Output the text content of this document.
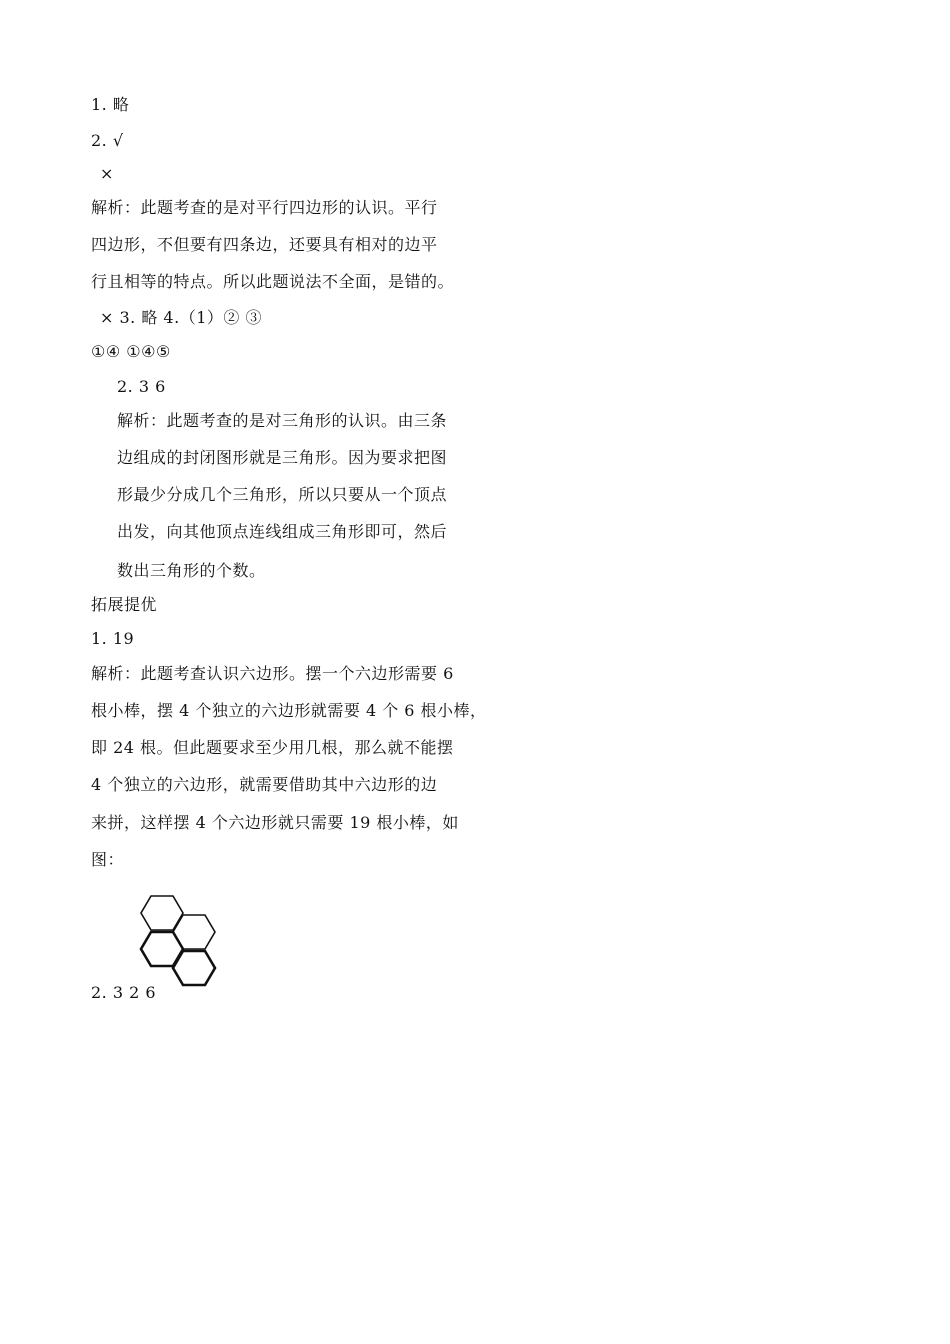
1. 略
2. √
×
解析：此题考查的是对平行四边形的认识。平行
四边形，不但要有四条边，还要具有相对的边平
行且相等的特点。所以此题说法不全面，是错的。
× 3. 略 4.（1）② ③
①④ ①④⑤
2. 3 6
解析：此题考查的是对三角形的认识。由三条
边组成的封闭图形就是三角形。因为要求把图
形最少分成几个三角形，所以只要从一个顶点
出发，向其他顶点连线组成三角形即可，然后
数出三角形的个数。
拓展提优
1. 19
解析：此题考查认识六边形。摆一个六边形需要 6
根小棒，摆 4 个独立的六边形就需要 4 个 6 根小棒，
即 24 根。但此题要求至少用几根，那么就不能摆
4 个独立的六边形，就需要借助其中六边形的边
来拼，这样摆 4 个六边形就只需要 19 根小棒，如
图：
2. 3 2 6
